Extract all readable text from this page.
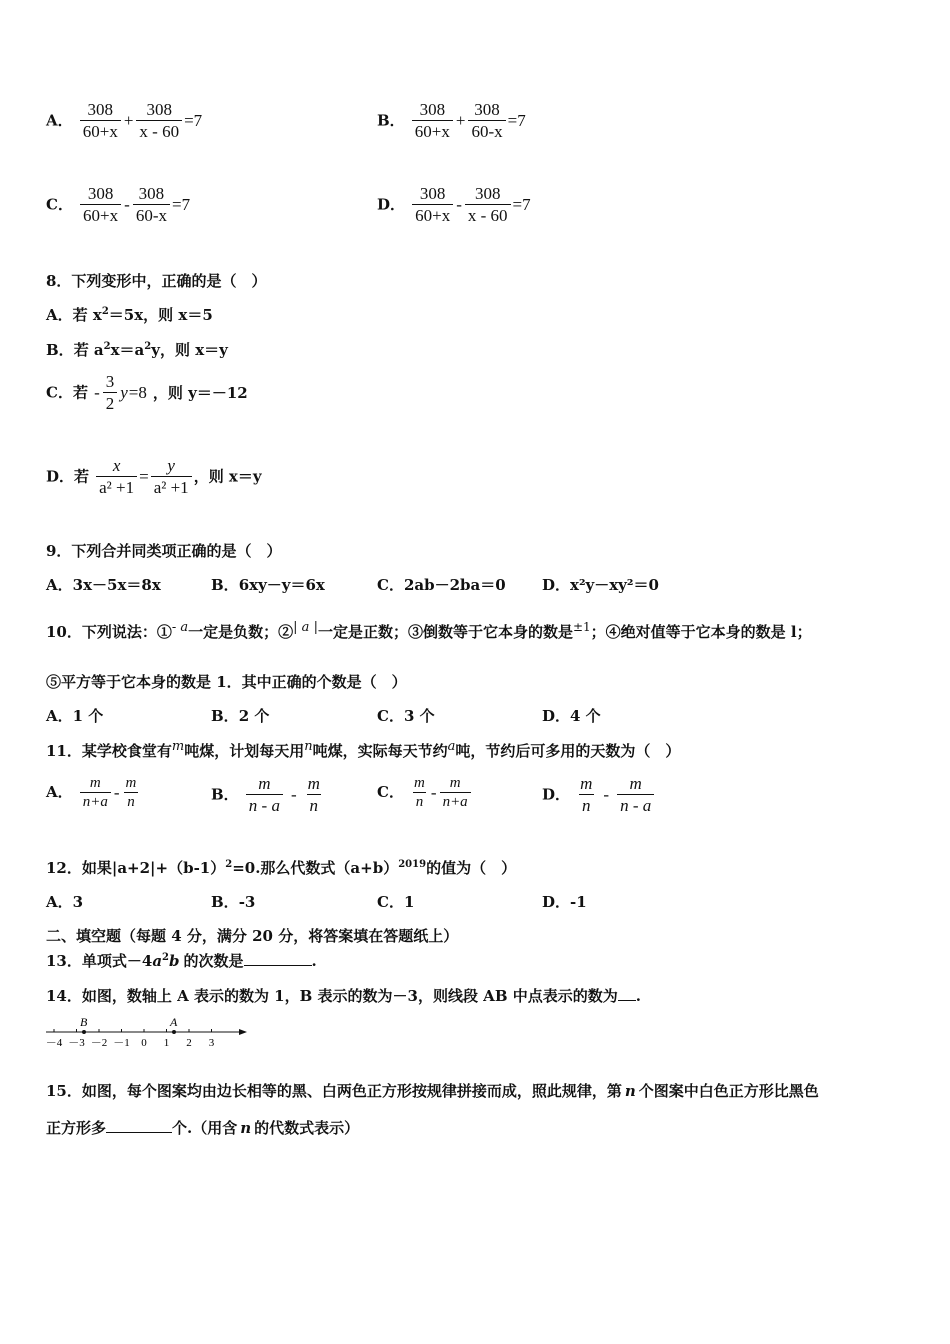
A． $\frac{308}{60+x} + \frac{308}{x - 60} =7$	B． $\frac{308}{60+x} + \frac{308}{60-x} =7$
C． $\frac{308}{60+x} - \frac{308}{60-x} =7$	D． $\frac{308}{60+x} - \frac{308}{x - 60} =7$
8．下列变形中，正确的是（　）
A．若 $x^2=5x$，则 x＝5
B．若 $a^2x=a^2y$，则 x＝y
C．若 - $\frac{3}{2} y=8$ ，则 y＝－12
D．若 $\frac{x}{\text{a² +1}} = \frac{y}{\text{a² +1}}$ ，则 x＝y
9．下列合并同类项正确的是（　）
A．3x－5x＝8x	B．6xy－y＝6x	C．2ab－2ba＝0 D．x²y－xy²＝0
10．下列说法：①$^{- a}$一定是负数；②$^{| a |}$一定是正数；③倒数等于它本身的数是$^{\pm 1}$；④绝对值等于它本身的数是 l；
⑤平方等于它本身的数是 1．其中正确的个数是（　）
A．1 个	B．2 个	C．3 个	D．4 个
11．某学校食堂有$^m$吨煤，计划每天用$^n$吨煤，实际每天节约$^a$吨，节约后可多用的天数为（　）
A． $\frac{m}{n+a} - \frac{m}{n}$	B． $\frac{m}{n - a} - \frac{m}{n}$	C． $\frac{m}{n} - \frac{m}{n+a}$	D． $\frac{m}{n} - \frac{m}{n - a}$
12．如果$|a+2|+(b-1)^2=0$.那么代数式$(a+b)^{2019}$的值为（　）
A．3	B．-3	C．1	D．-1
二、填空题（每题 4 分，满分 20 分，将答案填在答题纸上）
13．单项式$-4a^2b$ 的次数是	.
14．如图，数轴上 A 表示的数为 1，B 表示的数为－3，则线段 AB 中点表示的数为 .
－4 －3 －2 －1 0 1 2 3
B	A
15．如图，每个图案均由边长相等的黑、白两色正方形按规律拼接而成，照此规律，第 n 个图案中白色正方形比黑色
正方形多	个.（用含 n 的代数式表示）
